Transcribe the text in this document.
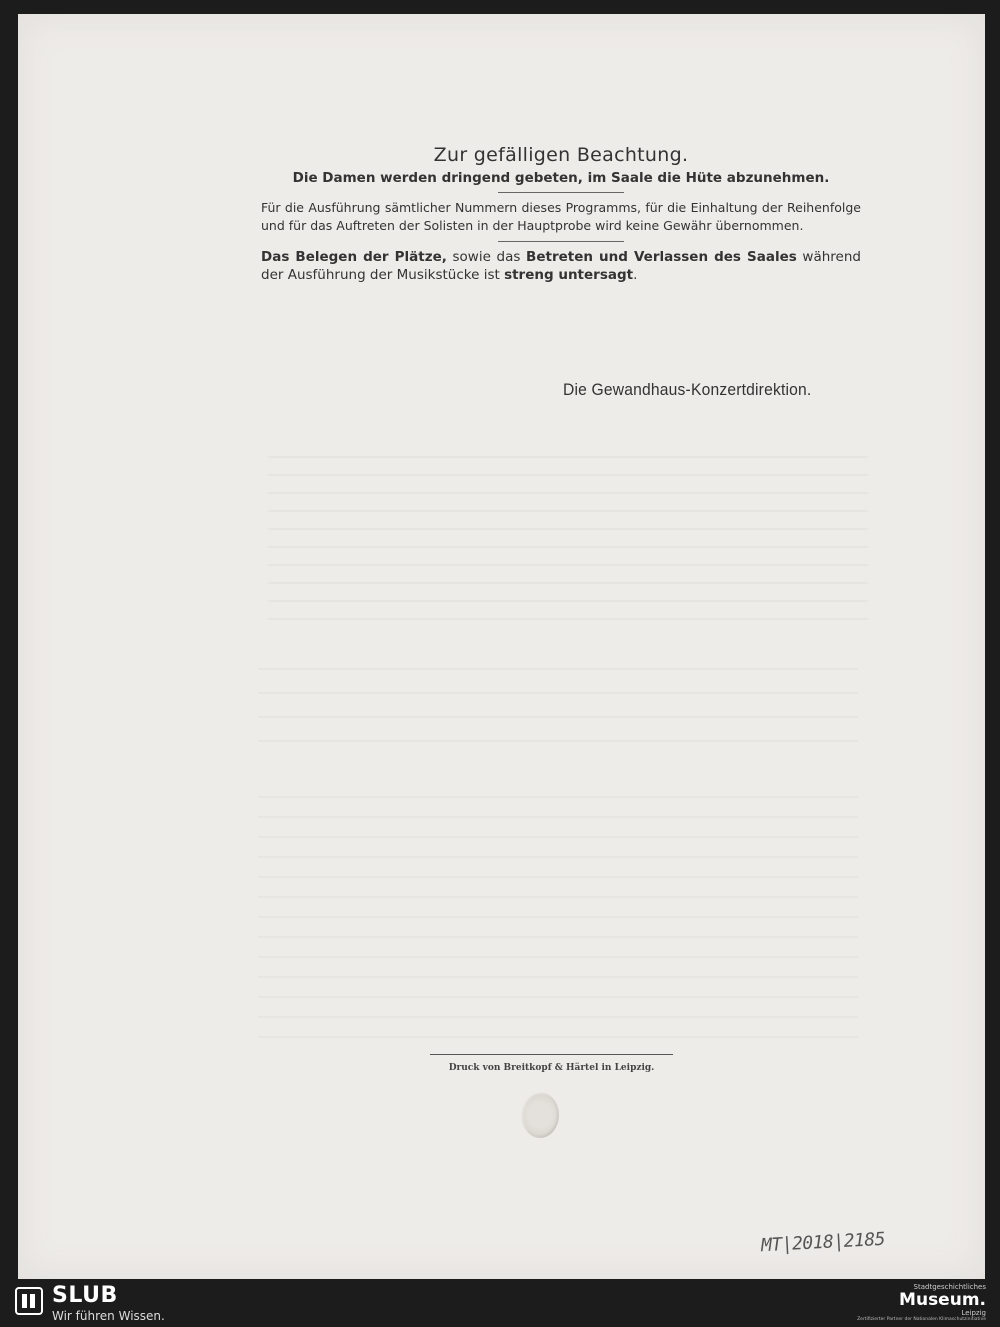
Zur gefälligen Beachtung.

Die Damen werden dringend gebeten, im Saale die Hüte abzunehmen.

Für die Ausführung sämtlicher Nummern dieses Programms, für die Einhaltung der Reihenfolge und für das Auftreten der Solisten in der Hauptprobe wird keine Gewähr übernommen.

Das Belegen der Plätze, sowie das Betreten und Verlassen des Saales während der Ausführung der Musikstücke ist streng untersagt.

Die Gewandhaus-Konzertdirektion.
Druck von Breitkopf & Härtel in Leipzig.
MT|2018|2185
SLUB
Wir führen Wissen.
Stadtgeschichtliches
Museum.
Leipzig
Zertifizierter Partner der Nationalen Klimaschutzinitiative
